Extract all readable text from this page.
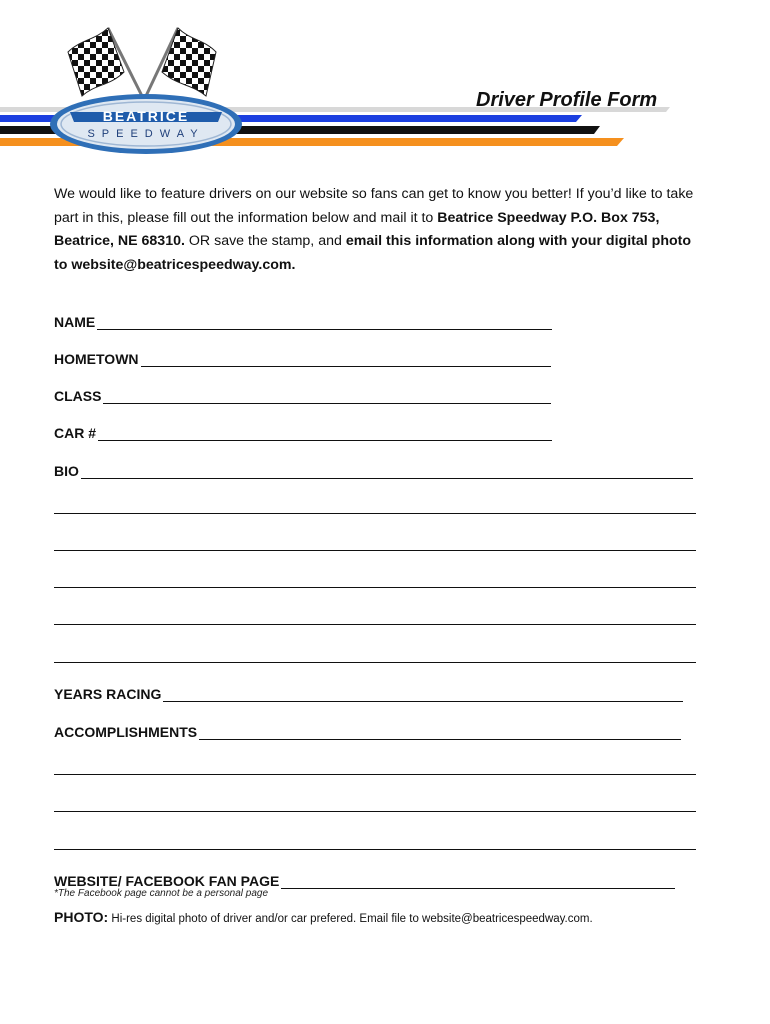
BEATRICE
SPEEDWAY
Driver Profile Form
We would like to feature drivers on our website so fans can get to know you better! If you’d like to take part in this, please fill out the information below and mail it to Beatrice Speedway P.O. Box 753, Beatrice, NE 68310. OR save the stamp, and email this information along with your digital photo to website@beatricespeedway.com.
NAME
HOMETOWN
CLASS
CAR #
BIO
YEARS RACING
ACCOMPLISHMENTS
WEBSITE/ FACEBOOK FAN PAGE
*The Facebook page cannot be a personal page
PHOTO: Hi-res digital photo of driver and/or car prefered. Email file to website@beatricespeedway.com.
